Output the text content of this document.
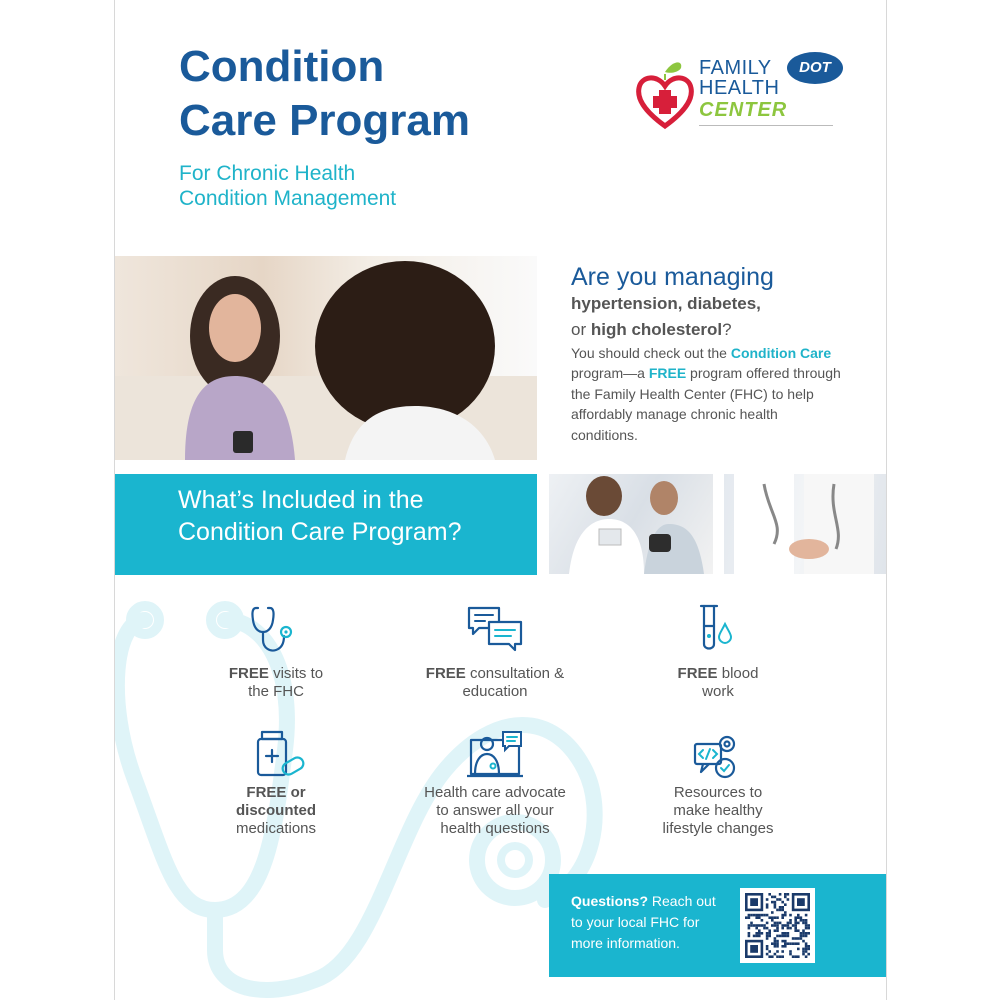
Condition
Care Program
For Chronic Health
Condition Management
FAMILY
HEALTH
CENTER
DOT
Are you managing
hypertension, diabetes,
or high cholesterol?
You should check out the Condition Care program—a FREE program offered through the Family Health Center (FHC) to help affordably manage chronic health conditions.
What’s Included in the
Condition Care Program?
FREE visits to
the FHC
FREE consultation &
education
FREE blood
work
FREE or
discounted
medications
Health care advocate
to answer all your
health questions
Resources to
make healthy
lifestyle changes
Questions? Reach out to your local FHC for more information.
